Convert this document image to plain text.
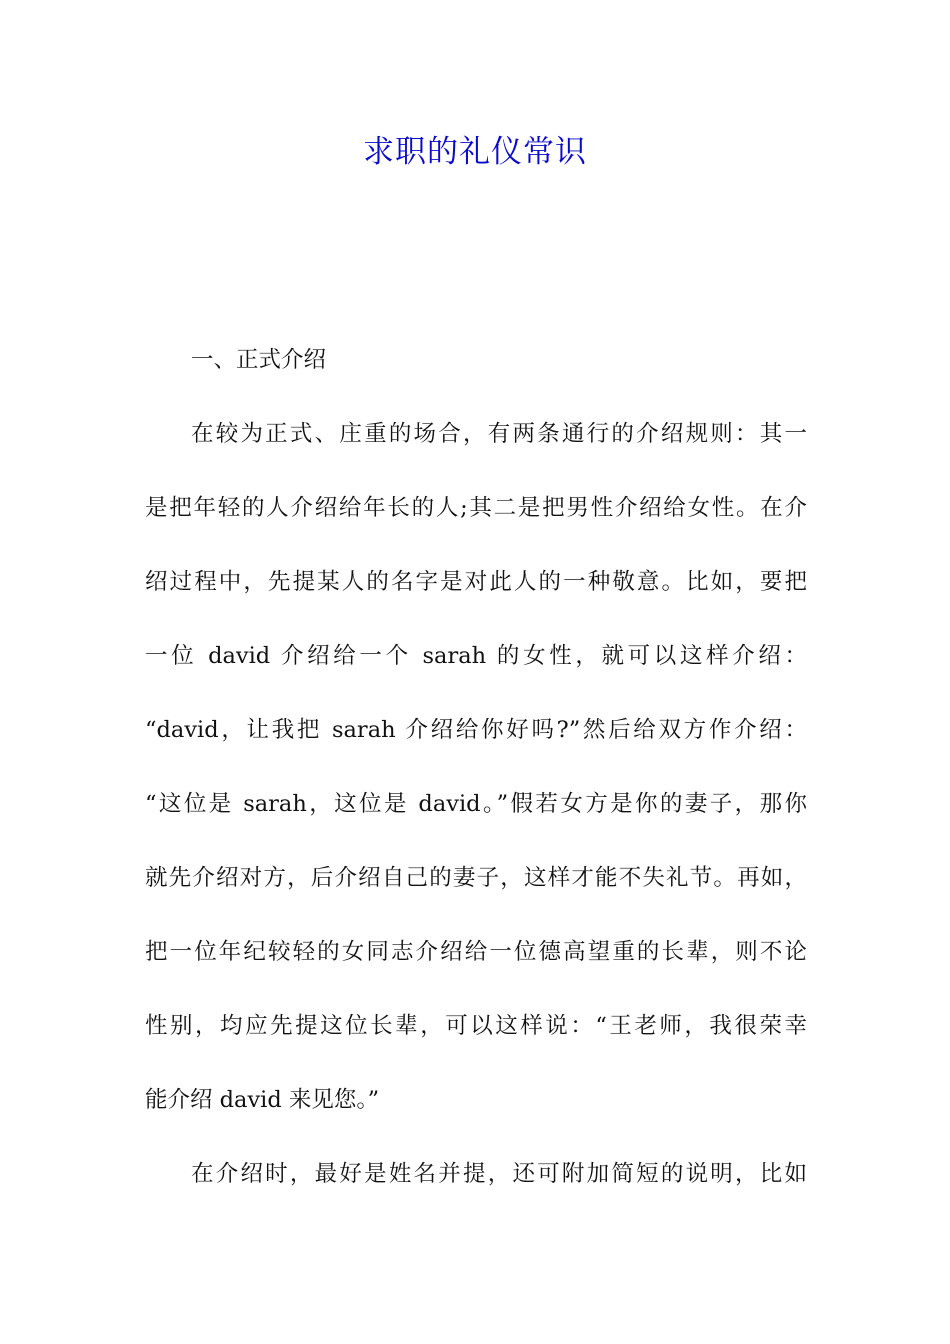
求职的礼仪常识

一、正式介绍

在较为正式、庄重的场合，有两条通行的介绍规则：其一

是把年轻的人介绍给年长的人;其二是把男性介绍给女性。在介

绍过程中，先提某人的名字是对此人的一种敬意。比如，要把

一位 david 介绍给一个 sarah 的女性，就可以这样介绍：

“david，让我把 sarah 介绍给你好吗?”然后给双方作介绍：

“这位是 sarah，这位是 david。”假若女方是你的妻子，那你

就先介绍对方，后介绍自己的妻子，这样才能不失礼节。再如，

把一位年纪较轻的女同志介绍给一位德高望重的长辈，则不论

性别，均应先提这位长辈，可以这样说：“王老师，我很荣幸

能介绍 david 来见您。”

在介绍时，最好是姓名并提，还可附加简短的说明，比如
